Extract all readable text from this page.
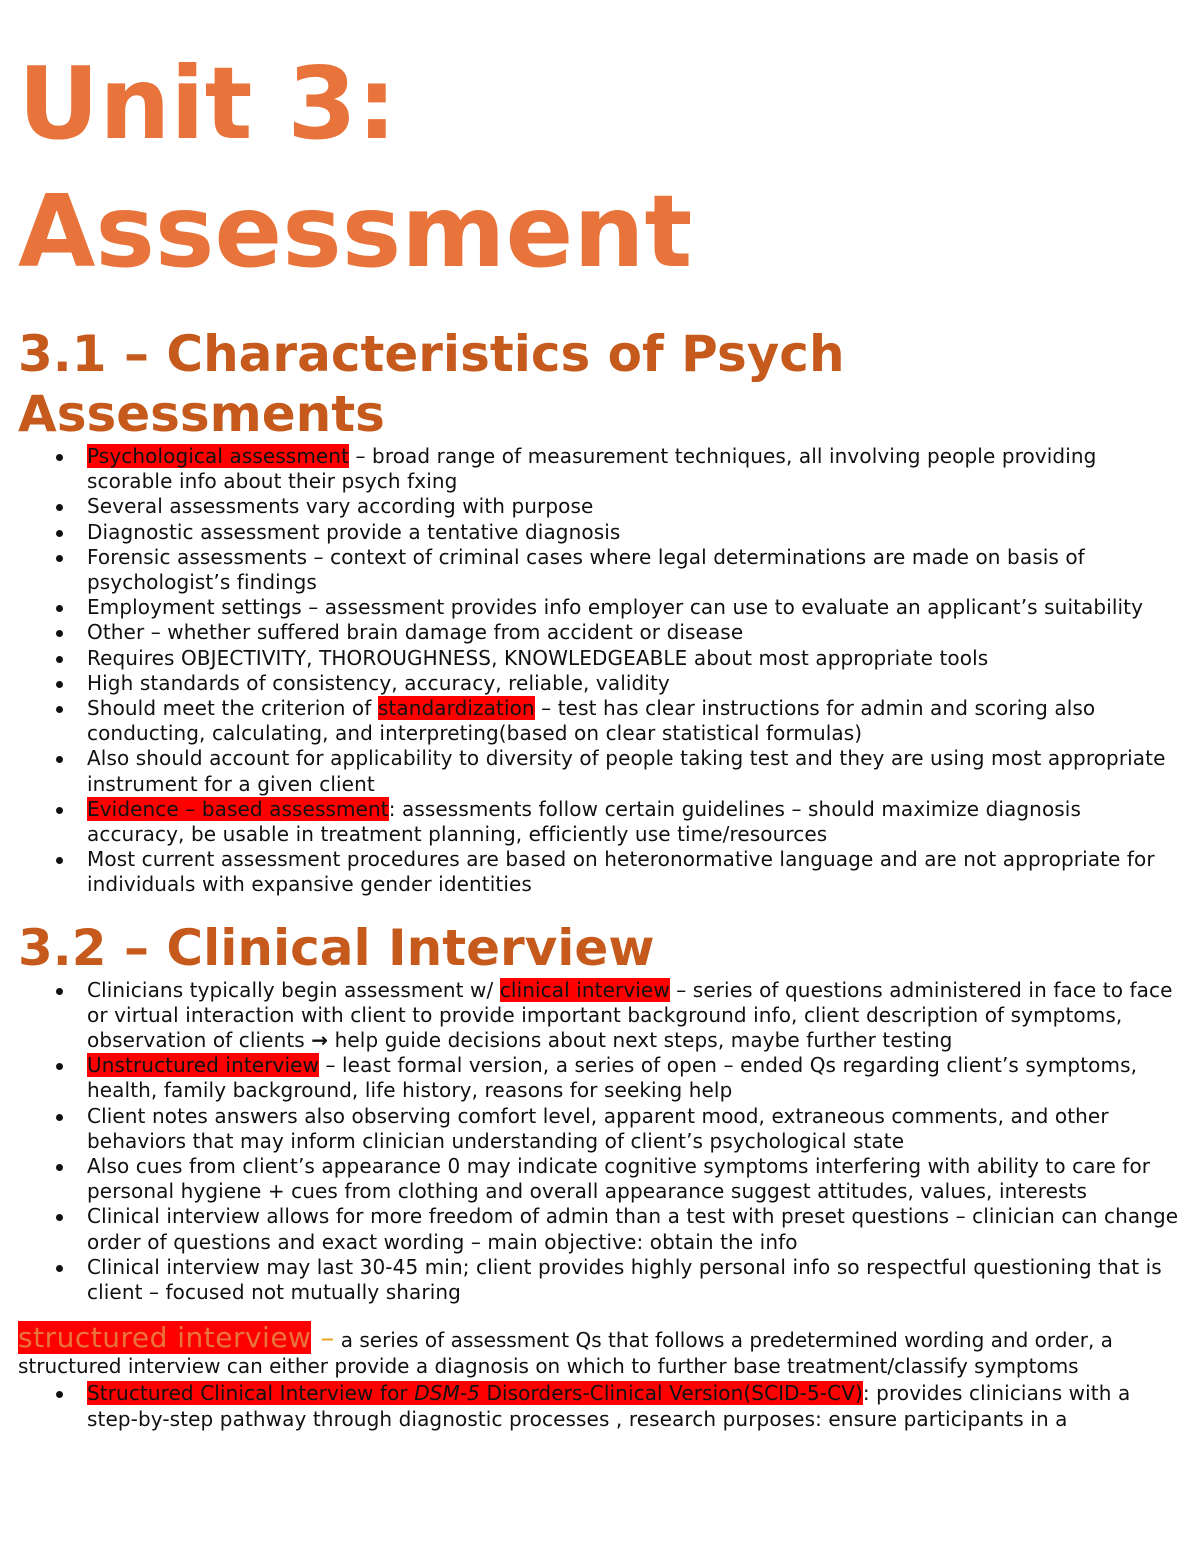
Unit 3:
Assessment
3.1 – Characteristics of Psych
Assessments
Psychological assessment – broad range of measurement techniques, all involving people providing scorable info about their psych fxing
Several assessments vary according with purpose
Diagnostic assessment provide a tentative diagnosis
Forensic assessments – context of criminal cases where legal determinations are made on basis of psychologist’s findings
Employment settings – assessment provides info employer can use to evaluate an applicant’s suitability
Other – whether suffered brain damage from accident or disease
Requires OBJECTIVITY, THOROUGHNESS, KNOWLEDGEABLE about most appropriate tools
High standards of consistency, accuracy, reliable, validity
Should meet the criterion of standardization – test has clear instructions for admin and scoring also conducting, calculating, and interpreting(based on clear statistical formulas)
Also should account for applicability to diversity of people taking test and they are using most appropriate instrument for a given client
Evidence – based assessment: assessments follow certain guidelines – should maximize diagnosis accuracy, be usable in treatment planning, efficiently use time/resources
Most current assessment procedures are based on heteronormative language and are not appropriate for individuals with expansive gender identities
3.2 – Clinical Interview
Clinicians typically begin assessment w/ clinical interview – series of questions administered in face to face or virtual interaction with client to provide important background info, client description of symptoms, observation of clients → help guide decisions about next steps, maybe further testing
Unstructured interview – least formal version, a series of open – ended Qs regarding client’s symptoms, health, family background, life history, reasons for seeking help
Client notes answers also observing comfort level, apparent mood, extraneous comments, and other behaviors that may inform clinician understanding of client’s psychological state
Also cues from client’s appearance 0 may indicate cognitive symptoms interfering with ability to care for personal hygiene + cues from clothing and overall appearance suggest attitudes, values, interests
Clinical interview allows for more freedom of admin than a test with preset questions – clinician can change order of questions and exact wording – main objective: obtain the info
Clinical interview may last 30-45 min; client provides highly personal info so respectful questioning that is client – focused not mutually sharing

structured interview – a series of assessment Qs that follows a predetermined wording and order, a structured interview can either provide a diagnosis on which to further base treatment/classify symptoms

Structured Clinical Interview for DSM-5 Disorders-Clinical Version(SCID-5-CV): provides clinicians with a step-by-step pathway through diagnostic processes , research purposes: ensure participants in a
